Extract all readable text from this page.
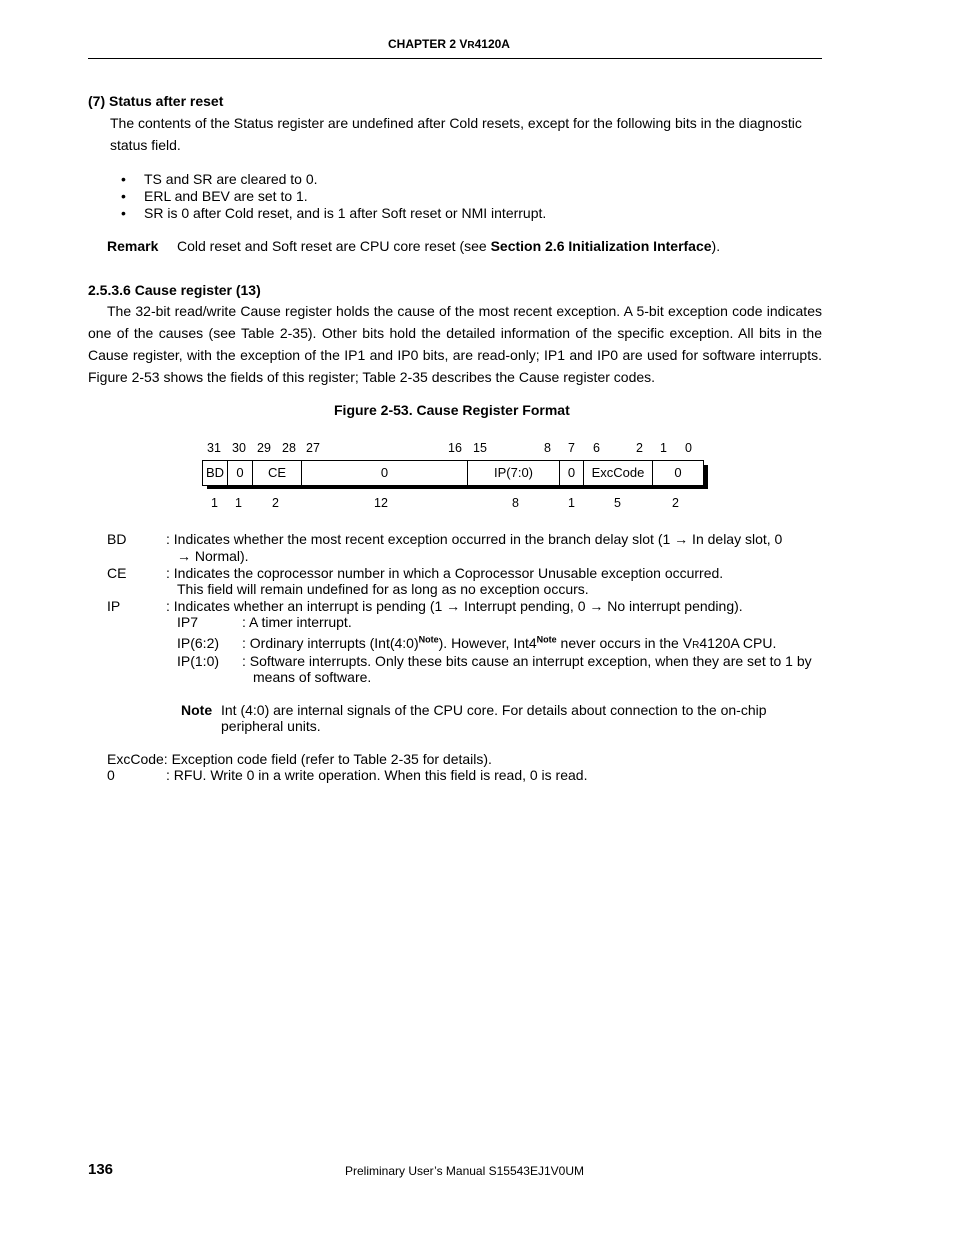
CHAPTER 2 VR4120A
(7) Status after reset
The contents of the Status register are undefined after Cold resets, except for the following bits in the diagnostic
status field.
• TS and SR are cleared to 0.
• ERL and BEV are set to 1.
• SR is 0 after Cold reset, and is 1 after Soft reset or NMI interrupt.
Remark Cold reset and Soft reset are CPU core reset (see Section 2.6 Initialization Interface).
2.5.3.6 Cause register (13)
The 32-bit read/write Cause register holds the cause of the most recent exception. A 5-bit exception code indicates one of the causes (see Table 2-35). Other bits hold the detailed information of the specific exception. All bits in the Cause register, with the exception of the IP1 and IP0 bits, are read-only; IP1 and IP0 are used for software interrupts. Figure 2-53 shows the fields of this register; Table 2-35 describes the Cause register codes.
Figure 2-53. Cause Register Format
31 30 29 28 27	16 15	8 7 6	2 1 0
BD 0	CE	0	IP(7:0)	0	ExcCode	0
1 1 2	12	8	1	5	2
BD	: Indicates whether the most recent exception occurred in the branch delay slot (1 → In delay slot, 0
→ Normal).
CE	: Indicates the coprocessor number in which a Coprocessor Unusable exception occurred.
This field will remain undefined for as long as no exception occurs.
IP	: Indicates whether an interrupt is pending (1 → Interrupt pending, 0 → No interrupt pending).
IP7	: A timer interrupt.
IP(6:2) : Ordinary interrupts (Int(4:0)$^{Note}$). However, Int4$^{Note}$ never occurs in the VR4120A CPU.
IP(1:0) : Software interrupts. Only these bits cause an interrupt exception, when they are set to 1 by
means of software.
Note Int (4:0) are internal signals of the CPU core. For details about connection to the on-chip
peripheral units.
ExcCode: Exception code field (refer to Table 2-35 for details).
0	: RFU. Write 0 in a write operation. When this field is read, 0 is read.
136	Preliminary User’s Manual S15543EJ1V0UM
